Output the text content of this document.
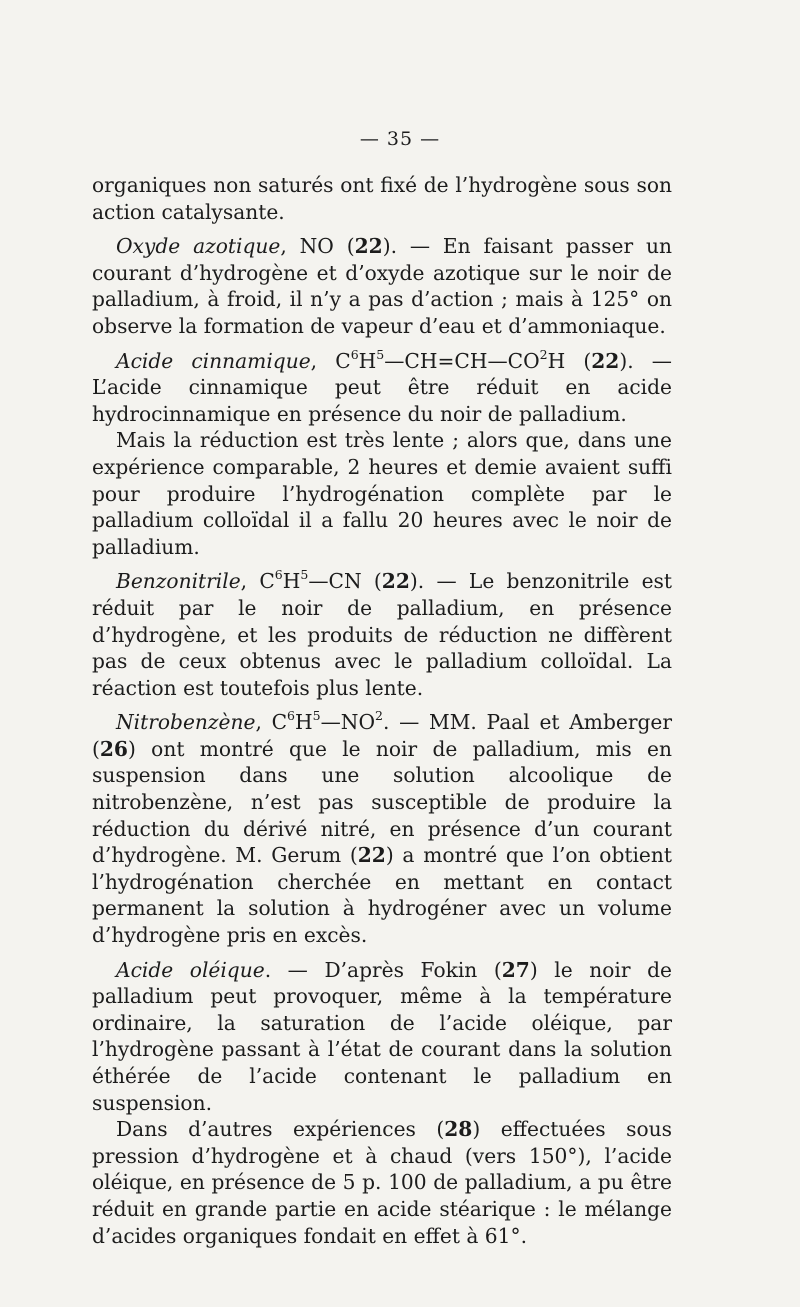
— 35 —

organiques non saturés ont fixé de l’hydrogène sous son action catalysante.

Oxyde azotique, NO (22). — En faisant passer un courant d’hydrogène et d’oxyde azotique sur le noir de palladium, à froid, il n’y a pas d’action ; mais à 125° on observe la formation de vapeur d’eau et d’ammoniaque.

Acide cinnamique, $C^6H^5—CH=CH—CO^2H$ (22). — L’acide cinnamique peut être réduit en acide hydrocinnamique en présence du noir de palladium.

Mais la réduction est très lente ; alors que, dans une expérience comparable, 2 heures et demie avaient suffi pour produire l’hydrogénation complète par le palladium colloïdal il a fallu 20 heures avec le noir de palladium.

Benzonitrile, $C^6H^5—CN$ (22). — Le benzonitrile est réduit par le noir de palladium, en présence d’hydrogène, et les produits de réduction ne diffèrent pas de ceux obtenus avec le palladium colloïdal. La réaction est toutefois plus lente.

Nitrobenzène, $C^6H^5—NO^2$. — MM. Paal et Amberger (26) ont montré que le noir de palladium, mis en suspension dans une solution alcoolique de nitrobenzène, n’est pas susceptible de produire la réduction du dérivé nitré, en présence d’un courant d’hydrogène. M. Gerum (22) a montré que l’on obtient l’hydrogénation cherchée en mettant en contact permanent la solution à hydrogéner avec un volume d’hydrogène pris en excès.

Acide oléique. — D’après Fokin (27) le noir de palladium peut provoquer, même à la température ordinaire, la saturation de l’acide oléique, par l’hydrogène passant à l’état de courant dans la solution éthérée de l’acide contenant le palladium en suspension.

Dans d’autres expériences (28) effectuées sous pression d’hydrogène et à chaud (vers 150°), l’acide oléique, en présence de 5 p. 100 de palladium, a pu être réduit en grande partie en acide stéarique : le mélange d’acides organiques fondait en effet à 61°.
